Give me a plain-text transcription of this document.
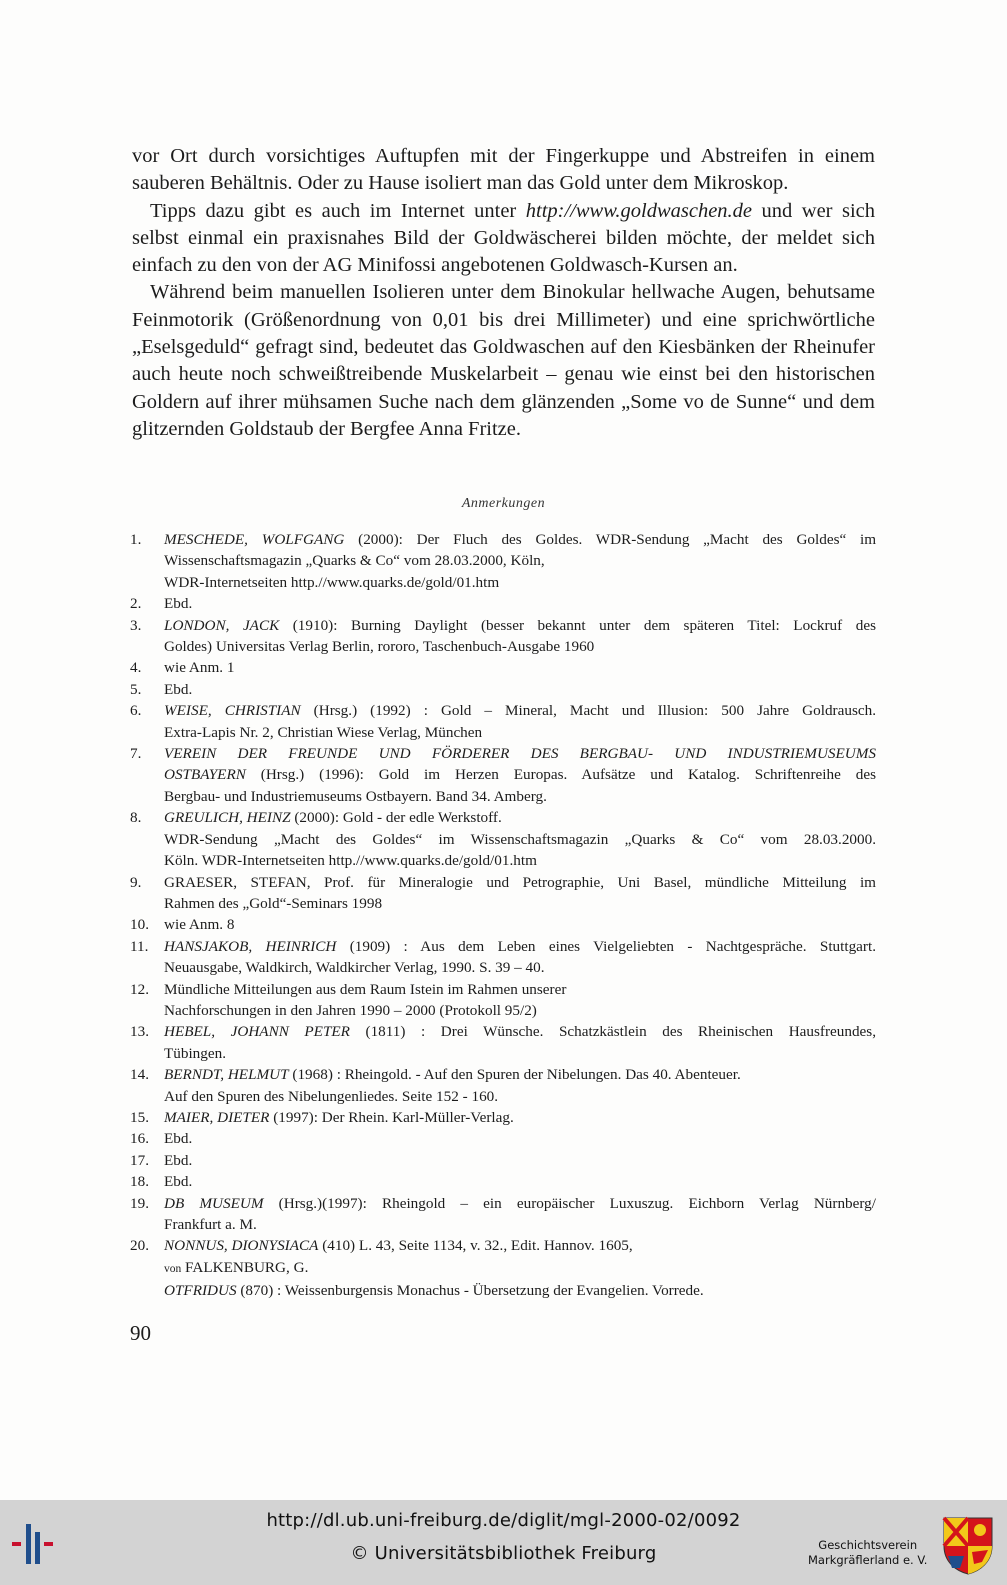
vor Ort durch vorsichtiges Auftupfen mit der Fingerkuppe und Abstreifen in einem sauberen Behältnis. Oder zu Hause isoliert man das Gold unter dem Mikroskop.

Tipps dazu gibt es auch im Internet unter http://www.goldwaschen.de und wer sich selbst einmal ein praxisnahes Bild der Goldwäscherei bilden möchte, der meldet sich einfach zu den von der AG Minifossi angebotenen Goldwasch-Kursen an.

Während beim manuellen Isolieren unter dem Binokular hellwache Augen, behutsame Feinmotorik (Größenordnung von 0,01 bis drei Millimeter) und eine sprichwörtliche „Eselsgeduld“ gefragt sind, bedeutet das Goldwaschen auf den Kiesbänken der Rheinufer auch heute noch schweißtreibende Muskelarbeit – genau wie einst bei den historischen Goldern auf ihrer mühsamen Suche nach dem glänzenden „Some vo de Sunne“ und dem glitzernden Goldstaub der Bergfee Anna Fritze.

Anmerkungen
1.	MESCHEDE, WOLFGANG (2000): Der Fluch des Goldes. WDR-Sendung „Macht des Goldes“ im
Wissenschaftsmagazin „Quarks & Co“ vom 28.03.2000, Köln,
WDR-Internetseiten http.//www.quarks.de/gold/01.htm
2.	Ebd.
3.	LONDON, JACK (1910): Burning Daylight (besser bekannt unter dem späteren Titel: Lockruf des
Goldes) Universitas Verlag Berlin, rororo, Taschenbuch-Ausgabe 1960
4.	wie Anm. 1
5.	Ebd.
6.	WEISE, CHRISTIAN (Hrsg.) (1992) : Gold – Mineral, Macht und Illusion: 500 Jahre Goldrausch.
Extra-Lapis Nr. 2, Christian Wiese Verlag, München
7.	VEREIN DER FREUNDE UND FÖRDERER DES BERGBAU- UND INDUSTRIEMUSEUMS
OSTBAYERN (Hrsg.) (1996): Gold im Herzen Europas. Aufsätze und Katalog. Schriftenreihe des
Bergbau- und Industriemuseums Ostbayern. Band 34. Amberg.
8.	GREULICH, HEINZ (2000): Gold - der edle Werkstoff.
WDR-Sendung „Macht des Goldes“ im Wissenschaftsmagazin „Quarks & Co“ vom 28.03.2000.
Köln. WDR-Internetseiten http.//www.quarks.de/gold/01.htm
9.	GRAESER, STEFAN, Prof. für Mineralogie und Petrographie, Uni Basel, mündliche Mitteilung im
Rahmen des „Gold“-Seminars 1998
10. wie Anm. 8
11.	HANSJAKOB, HEINRICH (1909) : Aus dem Leben eines Vielgeliebten - Nachtgespräche. Stuttgart.
Neuausgabe, Waldkirch, Waldkircher Verlag, 1990. S. 39 – 40.
12. Mündliche Mitteilungen aus dem Raum Istein im Rahmen unserer
Nachforschungen in den Jahren 1990 – 2000 (Protokoll 95/2)
13. HEBEL, JOHANN PETER (1811) : Drei Wünsche. Schatzkästlein des Rheinischen Hausfreundes,
Tübingen.
14. BERNDT, HELMUT (1968) : Rheingold. - Auf den Spuren der Nibelungen. Das 40. Abenteuer.
Auf den Spuren des Nibelungenliedes. Seite 152 - 160.
15. MAIER, DIETER (1997): Der Rhein. Karl-Müller-Verlag.
16. Ebd.
17. Ebd.
18. Ebd.
19. DB MUSEUM (Hrsg.)(1997): Rheingold – ein europäischer Luxuszug. Eichborn Verlag Nürnberg/
Frankfurt a. M.
20. NONNUS, DIONYSIACA (410) L. 43, Seite 1134, v. 32., Edit. Hannov. 1605,
von FALKENBURG, G.
OTFRIDUS (870) : Weissenburgensis Monachus - Übersetzung der Evangelien. Vorrede.
90
http://dl.ub.uni-freiburg.de/diglit/mgl-2000-02/0092
© Universitätsbibliothek Freiburg	Geschichtsverein
Markgräflerland e. V.
